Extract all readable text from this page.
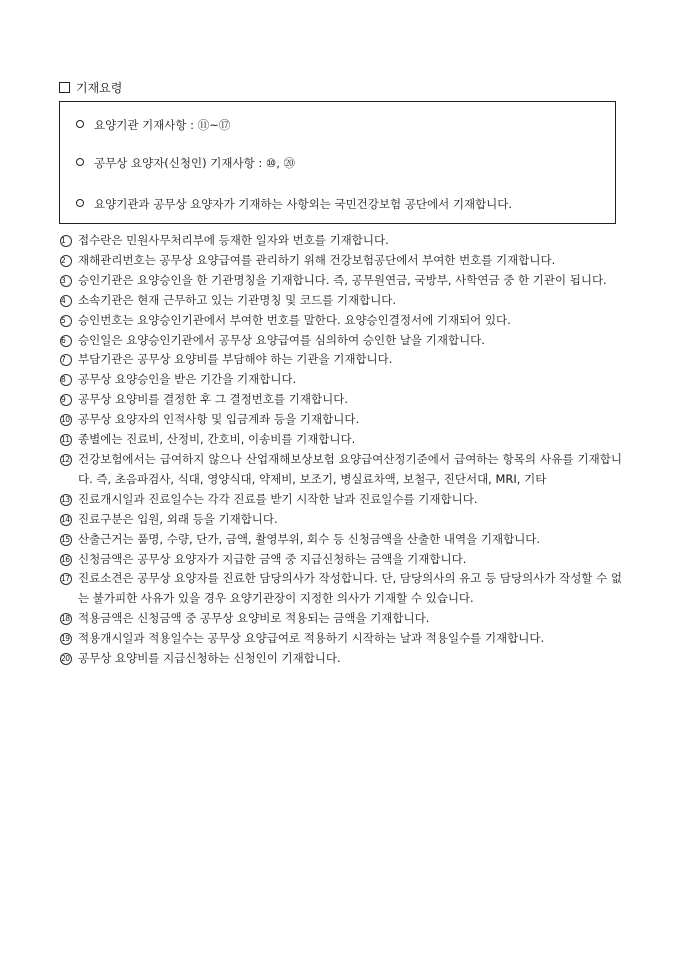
기재요령
요양기관 기재사항 : ⑪~⑰
공무상 요양자(신청인) 기재사항 : ⑩, ⑳
요양기관과 공무상 요양자가 기재하는 사항외는 국민건강보험 공단에서 기재합니다.
1	접수란은 민원사무처리부에 등재한 일자와 번호를 기재합니다.
2	재해관리번호는 공무상 요양급여를 관리하기 위해 건강보험공단에서 부여한 번호를 기재합니다.
3	승인기관은 요양승인을 한 기관명칭을 기재합니다. 즉, 공무원연금, 국방부, 사학연금 중 한 기관이 됩니다.
4	소속기관은 현재 근무하고 있는 기관명칭 및 코드를 기재합니다.
5	승인번호는 요양승인기관에서 부여한 번호를 말한다. 요양승인결정서에 기재되어 있다.
6	승인일은 요양승인기관에서 공무상 요양급여를 심의하여 승인한 날을 기재합니다.
7	부담기관은 공무상 요양비를 부담해야 하는 기관을 기재합니다.
8	공무상 요양승인을 받은 기간을 기재합니다.
9	공무상 요양비를 결정한 후 그 결정번호를 기재합니다.
10 공무상 요양자의 인적사항 및 입금계좌 등을 기재합니다.
11 종별에는 진료비, 산정비, 간호비, 이송비를 기재합니다.
12 건강보험에서는 급여하지 않으나 산업재해보상보험 요양급여산정기준에서 급여하는 항목의 사유를 기재합니다. 즉, 초음파검사, 식대, 영양식대, 약제비, 보조기, 병실료차액, 보철구, 진단서대, MRI, 기타
13 진료개시일과 진료일수는 각각 진료를 받기 시작한 날과 진료일수를 기재합니다.
14 진료구분은 입원, 외래 등을 기재합니다.
15 산출근거는 품명, 수량, 단가, 금액, 촬영부위, 회수 등 신청금액을 산출한 내역을 기재합니다.
16 신청금액은 공무상 요양자가 지급한 금액 중 지급신청하는 금액을 기재합니다.
17 진료소견은 공무상 요양자를 진료한 담당의사가 작성합니다. 단, 담당의사의 유고 등 담당의사가 작성할 수 없는 불가피한 사유가 있을 경우 요양기관장이 지정한 의사가 기재할 수 있습니다.
18 적용금액은 신청금액 중 공무상 요양비로 적용되는 금액을 기재합니다.
19 적용개시일과 적용일수는 공무상 요양급여로 적용하기 시작하는 날과 적용일수를 기재합니다.
20 공무상 요양비를 지급신청하는 신청인이 기재합니다.
